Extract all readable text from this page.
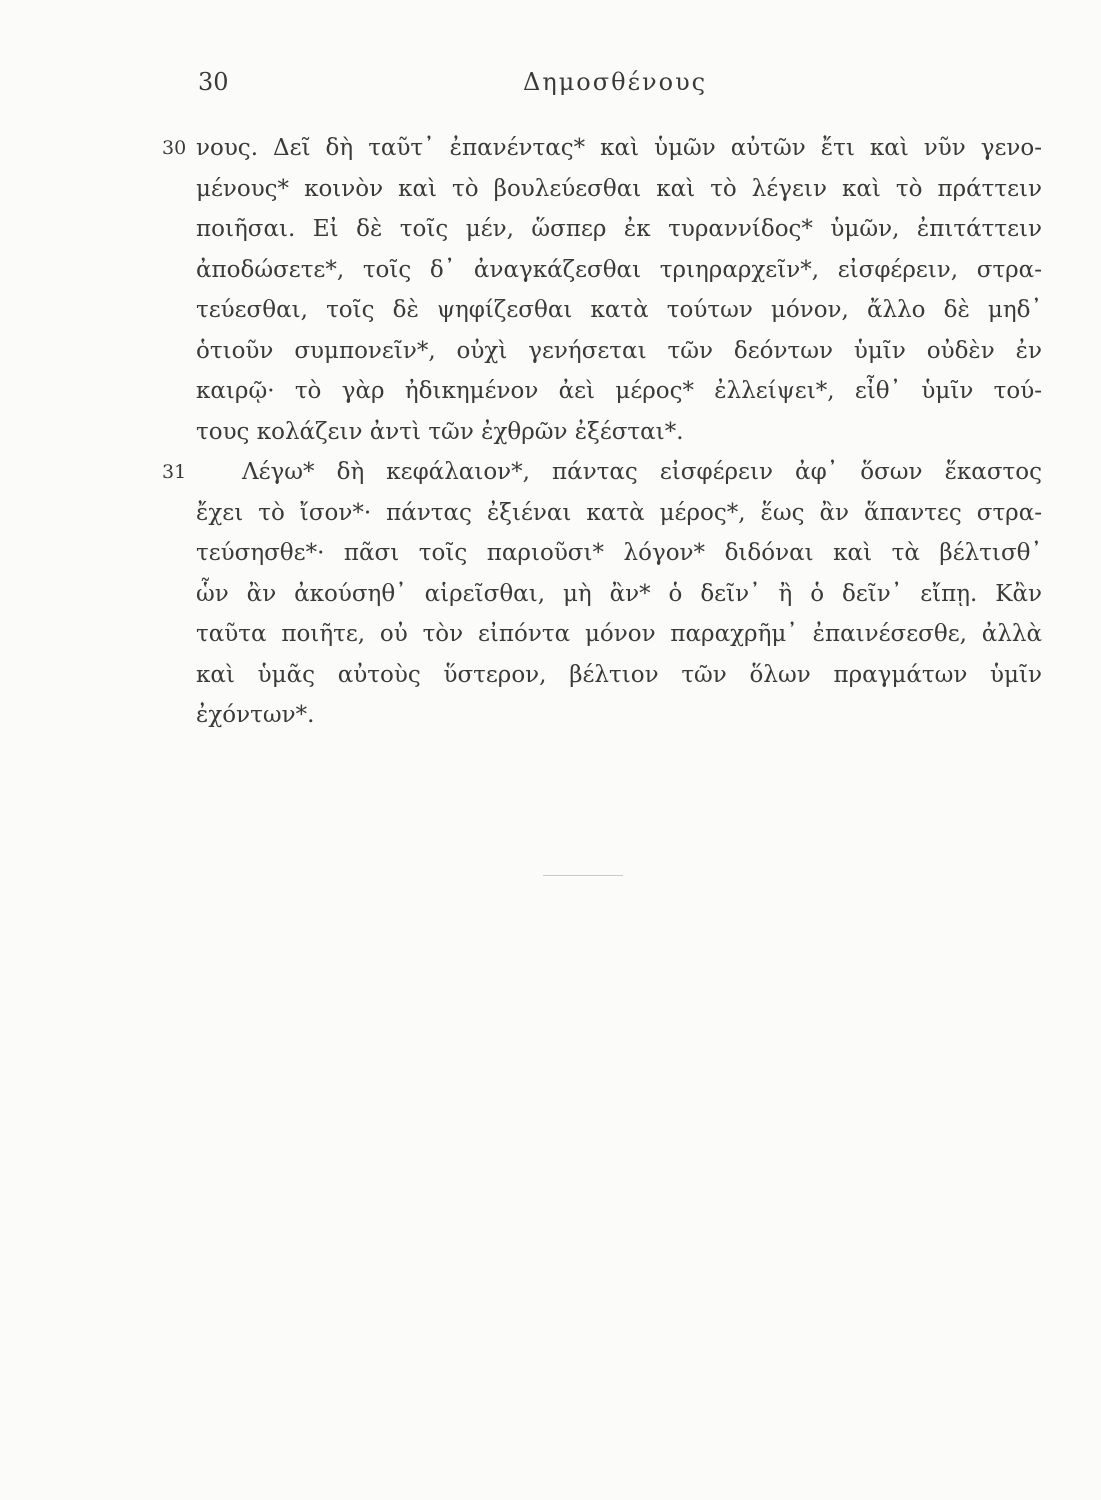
30	Δημοσθένους
30 νους. Δεῖ δὴ ταῦτ᾽ ἐπανέντας* καὶ ὑμῶν αὐτῶν ἔτι καὶ νῦν γενο-
μένους* κοινὸν καὶ τὸ βουλεύεσθαι καὶ τὸ λέγειν καὶ τὸ πράττειν
ποιῆσαι. Εἰ δὲ τοῖς μέν, ὥσπερ ἐκ τυραννίδος* ὑμῶν, ἐπιτάττειν
ἀποδώσετε*, τοῖς δ᾽ ἀναγκάζεσθαι τριηραρχεῖν*, εἰσφέρειν, στρα-
τεύεσθαι, τοῖς δὲ ψηφίζεσθαι κατὰ τούτων μόνον, ἄλλο δὲ μηδ᾽
ὁτιοῦν συμπονεῖν*, οὐχὶ γενήσεται τῶν δεόντων ὑμῖν οὐδὲν ἐν
καιρῷ· τὸ γὰρ ἠδικημένον ἀεὶ μέρος* ἐλλείψει*, εἶθ᾽ ὑμῖν τού-
τους κολάζειν ἀντὶ τῶν ἐχθρῶν ἐξέσται*.
31 Λέγω* δὴ κεφάλαιον*, πάντας εἰσφέρειν ἀφ᾽ ὅσων ἕκαστος
ἔχει τὸ ἴσον*· πάντας ἐξιέναι κατὰ μέρος*, ἕως ἂν ἅπαντες στρα-
τεύσησθε*· πᾶσι τοῖς παριοῦσι* λόγον* διδόναι καὶ τὰ βέλτισθ᾽
ὧν ἂν ἀκούσηθ᾽ αἱρεῖσθαι, μὴ ἂν* ὁ δεῖν᾽ ἢ ὁ δεῖν᾽ εἴπῃ. Κἂν
ταῦτα ποιῆτε, οὐ τὸν εἰπόντα μόνον παραχρῆμ᾽ ἐπαινέσεσθε, ἀλλὰ
καὶ ὑμᾶς αὐτοὺς ὕστερον, βέλτιον τῶν ὅλων πραγμάτων ὑμῖν
ἐχόντων*.
